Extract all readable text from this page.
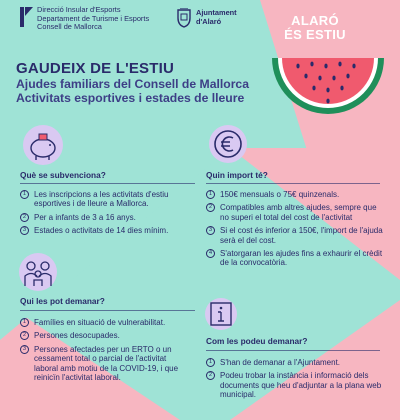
Direcció Insular d'Esports
Departament de Turisme i Esports
Consell de Mallorca
Ajuntament
d'Alaró	ALARÓ
ÉS ESTIU
GAUDEIX DE L'ESTIU
Ajudes familiars del Consell de Mallorca
Activitats esportives i estades de lleure
Què se subvenciona?
1 Les inscripcions a les activitats d'estiu esportives i de lleure a Mallorca.
2 Per a infants de 3 a 16 anys.
3 Estades o activitats de 14 dies mínim.
Quin import té?
1 150€ mensuals o 75€ quinzenals.
2 Compatibles amb altres ajudes, sempre que no superi el total del cost de l'activitat
3 Si el cost és inferior a 150€, l'import de l'ajuda serà el del cost.
4 S'atorgaran les ajudes fins a exhaurir el crèdit de la convocatòria.
Qui les pot demanar?
1 Famílies en situació de vulnerabilitat.
2 Persones desocupades.
3 Persones afectades per un ERTO o un cessament total o parcial de l'activitat laboral amb motiu de la COVID-19, i que reinicïn l'activitat laboral.
Com les podeu demanar?
1 S'han de demanar a l'Ajuntament.
2 Podeu trobar la instància i informació dels documents que heu d'adjuntar a la plana web municipal.
